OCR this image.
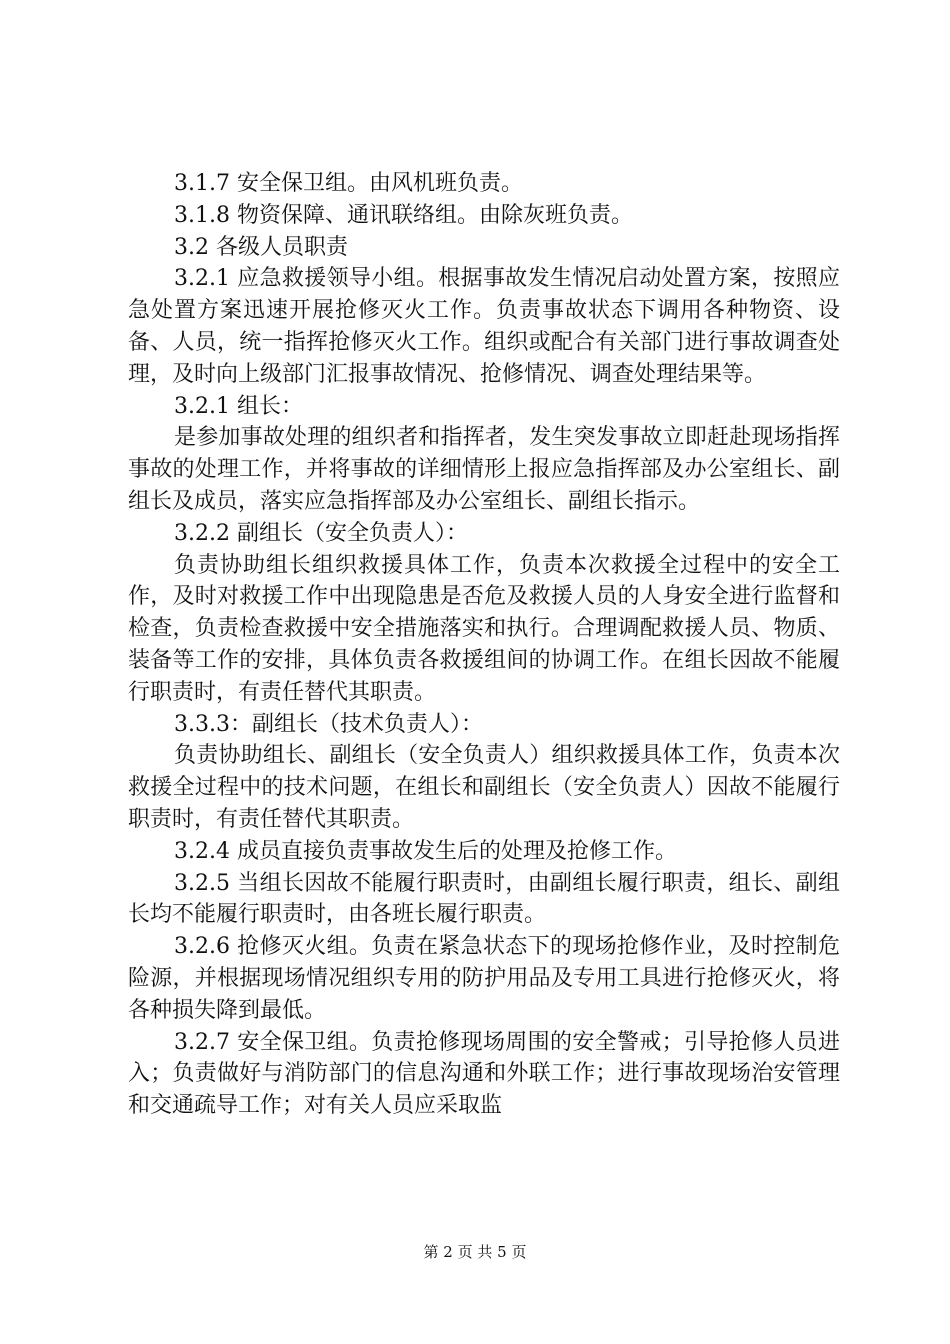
3.1.7 安全保卫组。由风机班负责。

3.1.8 物资保障、通讯联络组。由除灰班负责。

3.2 各级人员职责

3.2.1 应急救援领导小组。根据事故发生情况启动处置方案，按照应急处置方案迅速开展抢修灭火工作。负责事故状态下调用各种物资、设备、人员，统一指挥抢修灭火工作。组织或配合有关部门进行事故调查处理，及时向上级部门汇报事故情况、抢修情况、调查处理结果等。

3.2.1 组长：

是参加事故处理的组织者和指挥者，发生突发事故立即赶赴现场指挥事故的处理工作，并将事故的详细情形上报应急指挥部及办公室组长、副组长及成员，落实应急指挥部及办公室组长、副组长指示。

3.2.2 副组长（安全负责人）：

负责协助组长组织救援具体工作，负责本次救援全过程中的安全工作，及时对救援工作中出现隐患是否危及救援人员的人身安全进行监督和检查，负责检查救援中安全措施落实和执行。合理调配救援人员、物质、装备等工作的安排，具体负责各救援组间的协调工作。在组长因故不能履行职责时，有责任替代其职责。

3.3.3：副组长（技术负责人）：

负责协助组长、副组长（安全负责人）组织救援具体工作，负责本次救援全过程中的技术问题，在组长和副组长（安全负责人）因故不能履行职责时，有责任替代其职责。

3.2.4 成员直接负责事故发生后的处理及抢修工作。

3.2.5 当组长因故不能履行职责时，由副组长履行职责，组长、副组长均不能履行职责时，由各班长履行职责。

3.2.6 抢修灭火组。负责在紧急状态下的现场抢修作业，及时控制危险源，并根据现场情况组织专用的防护用品及专用工具进行抢修灭火，将各种损失降到最低。

3.2.7 安全保卫组。负责抢修现场周围的安全警戒；引导抢修人员进入；负责做好与消防部门的信息沟通和外联工作；进行事故现场治安管理和交通疏导工作；对有关人员应采取监

第 2 页 共 5 页
